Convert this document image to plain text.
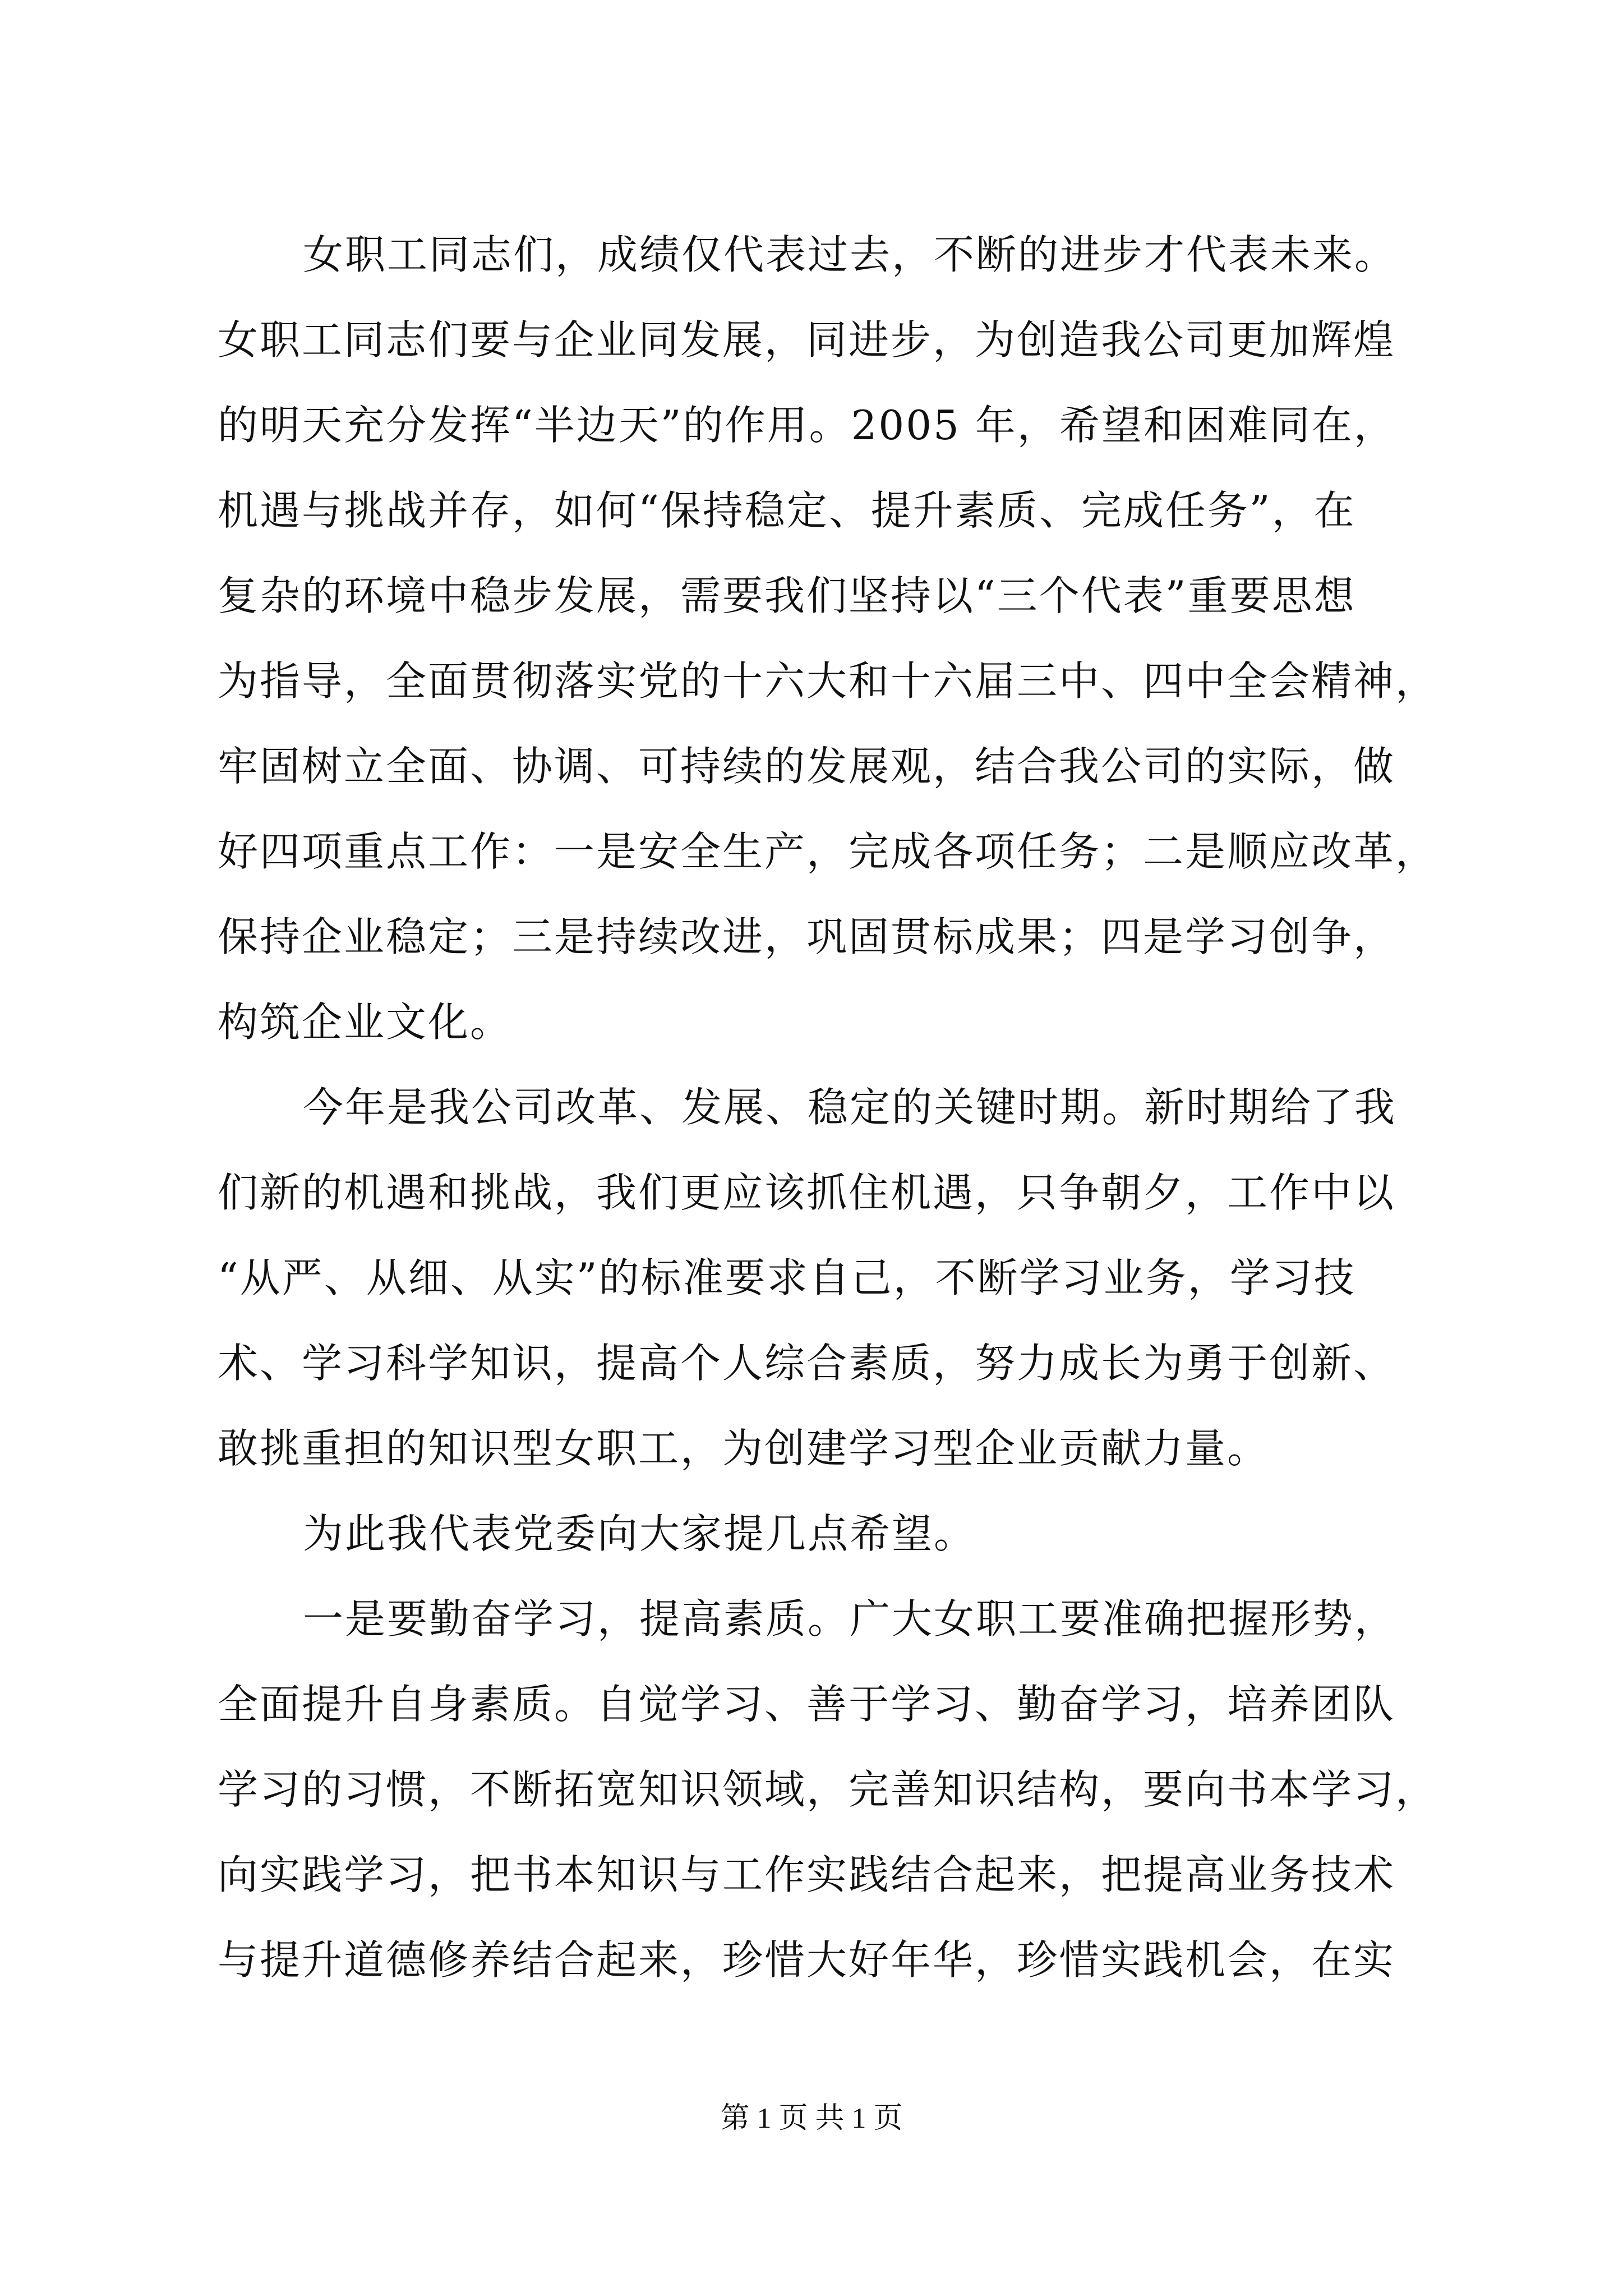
女职工同志们，成绩仅代表过去，不断的进步才代表未来。
女职工同志们要与企业同发展，同进步，为创造我公司更加辉煌
的明天充分发挥“半边天”的作用。2005 年，希望和困难同在，
机遇与挑战并存，如何“保持稳定、提升素质、完成任务”，在
复杂的环境中稳步发展，需要我们坚持以“三个代表”重要思想
为指导，全面贯彻落实党的十六大和十六届三中、四中全会精神，
牢固树立全面、协调、可持续的发展观，结合我公司的实际，做
好四项重点工作：一是安全生产，完成各项任务；二是顺应改革，
保持企业稳定；三是持续改进，巩固贯标成果；四是学习创争，
构筑企业文化。
今年是我公司改革、发展、稳定的关键时期。新时期给了我
们新的机遇和挑战，我们更应该抓住机遇，只争朝夕，工作中以
“从严、从细、从实”的标准要求自己，不断学习业务，学习技
术、学习科学知识，提高个人综合素质，努力成长为勇于创新、
敢挑重担的知识型女职工，为创建学习型企业贡献力量。
为此我代表党委向大家提几点希望。
一是要勤奋学习，提高素质。广大女职工要准确把握形势，
全面提升自身素质。自觉学习、善于学习、勤奋学习，培养团队
学习的习惯，不断拓宽知识领域，完善知识结构，要向书本学习，
向实践学习，把书本知识与工作实践结合起来，把提高业务技术
与提升道德修养结合起来，珍惜大好年华，珍惜实践机会，在实
第 1 页 共 1 页
